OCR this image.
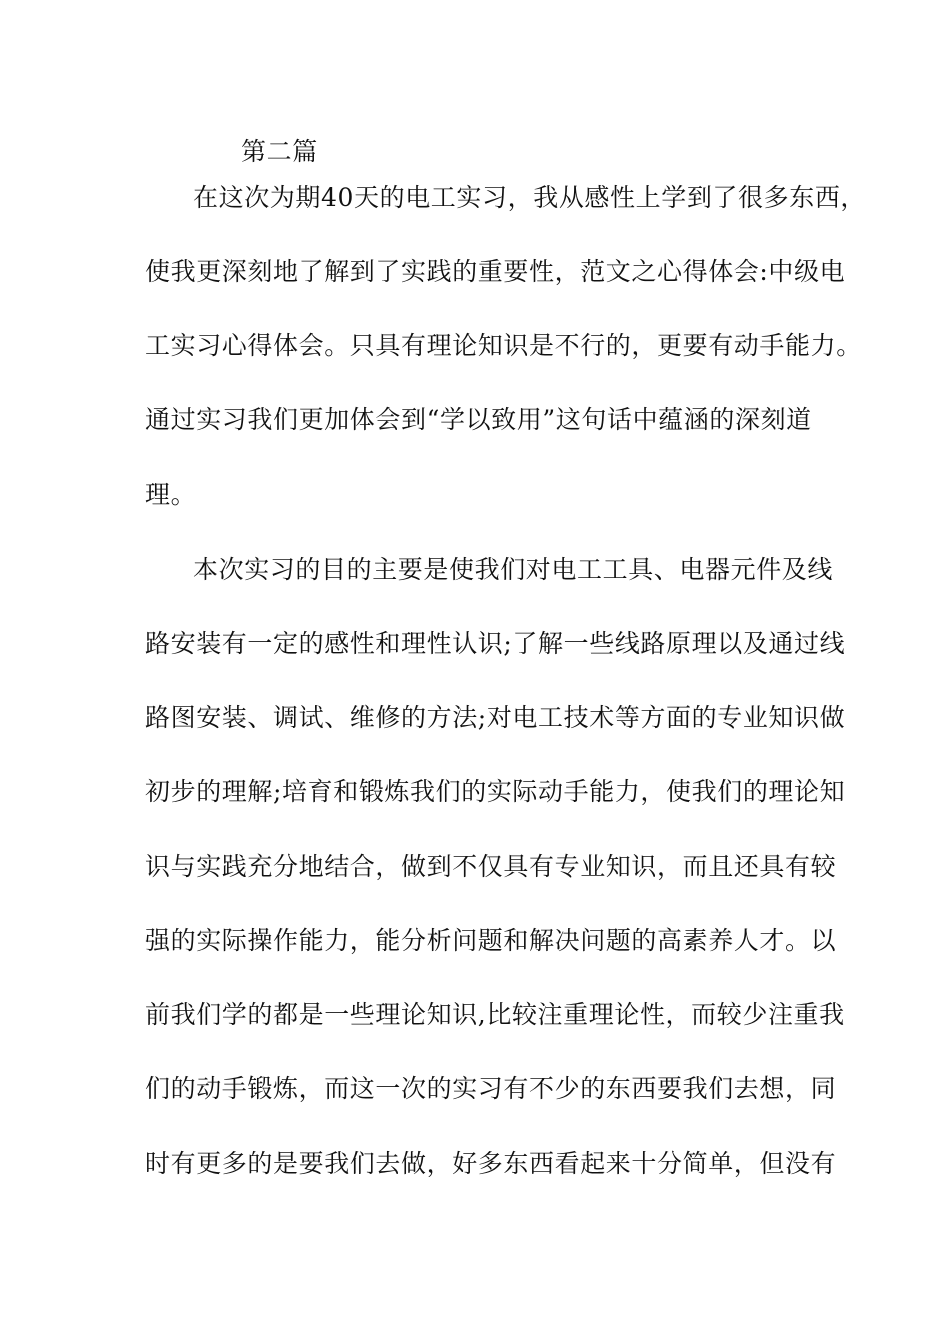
第二篇
在这次为期40天的电工实习，我从感性上学到了很多东西，
使我更深刻地了解到了实践的重要性，范文之心得体会:中级电
工实习心得体会。只具有理论知识是不行的，更要有动手能力。
通过实习我们更加体会到“学以致用”这句话中蕴涵的深刻道
理。
本次实习的目的主要是使我们对电工工具、电器元件及线
路安装有一定的感性和理性认识;了解一些线路原理以及通过线
路图安装、调试、维修的方法;对电工技术等方面的专业知识做
初步的理解;培育和锻炼我们的实际动手能力，使我们的理论知
识与实践充分地结合，做到不仅具有专业知识，而且还具有较
强的实际操作能力，能分析问题和解决问题的高素养人才。以
前我们学的都是一些理论知识,比较注重理论性，而较少注重我
们的动手锻炼，而这一次的实习有不少的东西要我们去想，同
时有更多的是要我们去做，好多东西看起来十分简单，但没有
